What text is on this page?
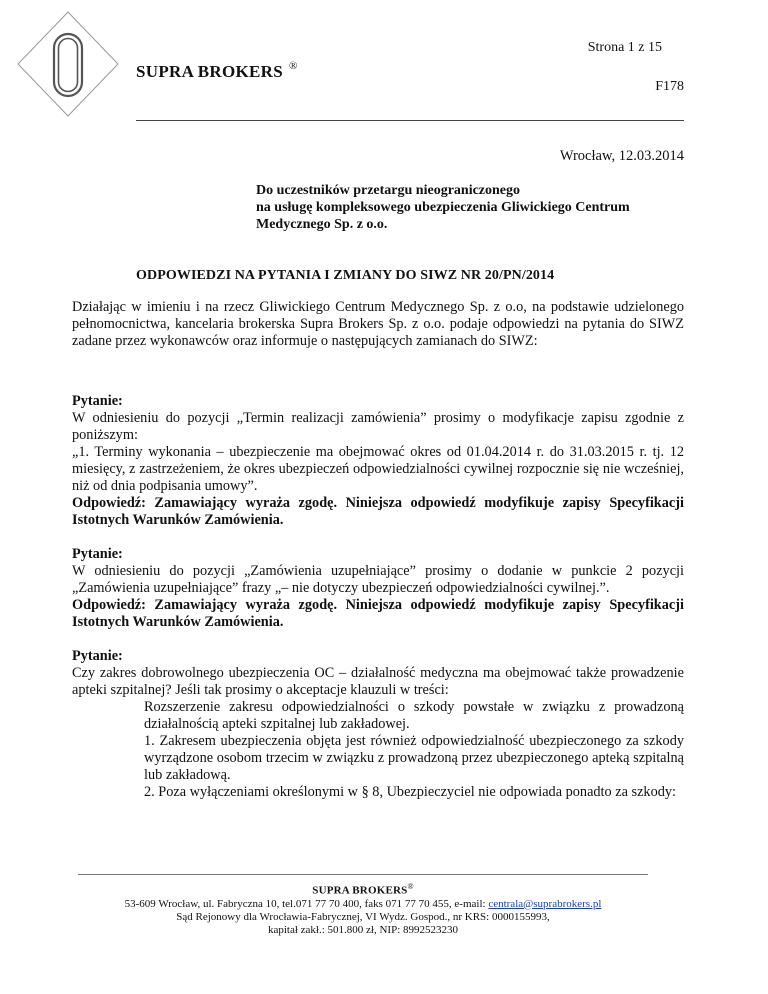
SUPRA BROKERS ®
Strona 1 z 15
F178
Wrocław, 12.03.2014
Do uczestników przetargu nieograniczonego
na usługę kompleksowego ubezpieczenia Gliwickiego Centrum
Medycznego Sp. z o.o.
ODPOWIEDZI NA PYTANIA I ZMIANY DO SIWZ NR 20/PN/2014

Działając w imieniu i na rzecz Gliwickiego Centrum Medycznego Sp. z o.o, na podstawie udzielonego pełnomocnictwa, kancelaria brokerska Supra Brokers Sp. z o.o. podaje odpowiedzi na pytania do SIWZ zadane przez wykonawców oraz informuje o następujących zamianach do SIWZ:

Pytanie:

W odniesieniu do pozycji „Termin realizacji zamówienia” prosimy o modyfikacje zapisu zgodnie z poniższym:

„1. Terminy wykonania – ubezpieczenie ma obejmować okres od 01.04.2014 r. do 31.03.2015 r. tj. 12 miesięcy, z zastrzeżeniem, że okres ubezpieczeń odpowiedzialności cywilnej rozpocznie się nie wcześniej, niż od dnia podpisania umowy”.

Odpowiedź: Zamawiający wyraża zgodę. Niniejsza odpowiedź modyfikuje zapisy Specyfikacji Istotnych Warunków Zamówienia.

Pytanie:

W odniesieniu do pozycji „Zamówienia uzupełniające” prosimy o dodanie w punkcie 2 pozycji „Zamówienia uzupełniające” frazy „– nie dotyczy ubezpieczeń odpowiedzialności cywilnej.”.

Odpowiedź: Zamawiający wyraża zgodę. Niniejsza odpowiedź modyfikuje zapisy Specyfikacji Istotnych Warunków Zamówienia.

Pytanie:

Czy zakres dobrowolnego ubezpieczenia OC – działalność medyczna ma obejmować także prowadzenie apteki szpitalnej? Jeśli tak prosimy o akceptacje klauzuli w treści:

Rozszerzenie zakresu odpowiedzialności o szkody powstałe w związku z prowadzoną działalnością apteki szpitalnej lub zakładowej.

1. Zakresem ubezpieczenia objęta jest również odpowiedzialność ubezpieczonego za szkody wyrządzone osobom trzecim w związku z prowadzoną przez ubezpieczonego apteką szpitalną lub zakładową.

2. Poza wyłączeniami określonymi w § 8, Ubezpieczyciel nie odpowiada ponadto za szkody:

SUPRA BROKERS®
53-609 Wrocław, ul. Fabryczna 10, tel.071 77 70 400, faks 071 77 70 455, e-mail: centrala@suprabrokers.pl
Sąd Rejonowy dla Wrocławia-Fabrycznej, VI Wydz. Gospod., nr KRS: 0000155993,
kapitał zakł.: 501.800 zł, NIP: 8992523230
